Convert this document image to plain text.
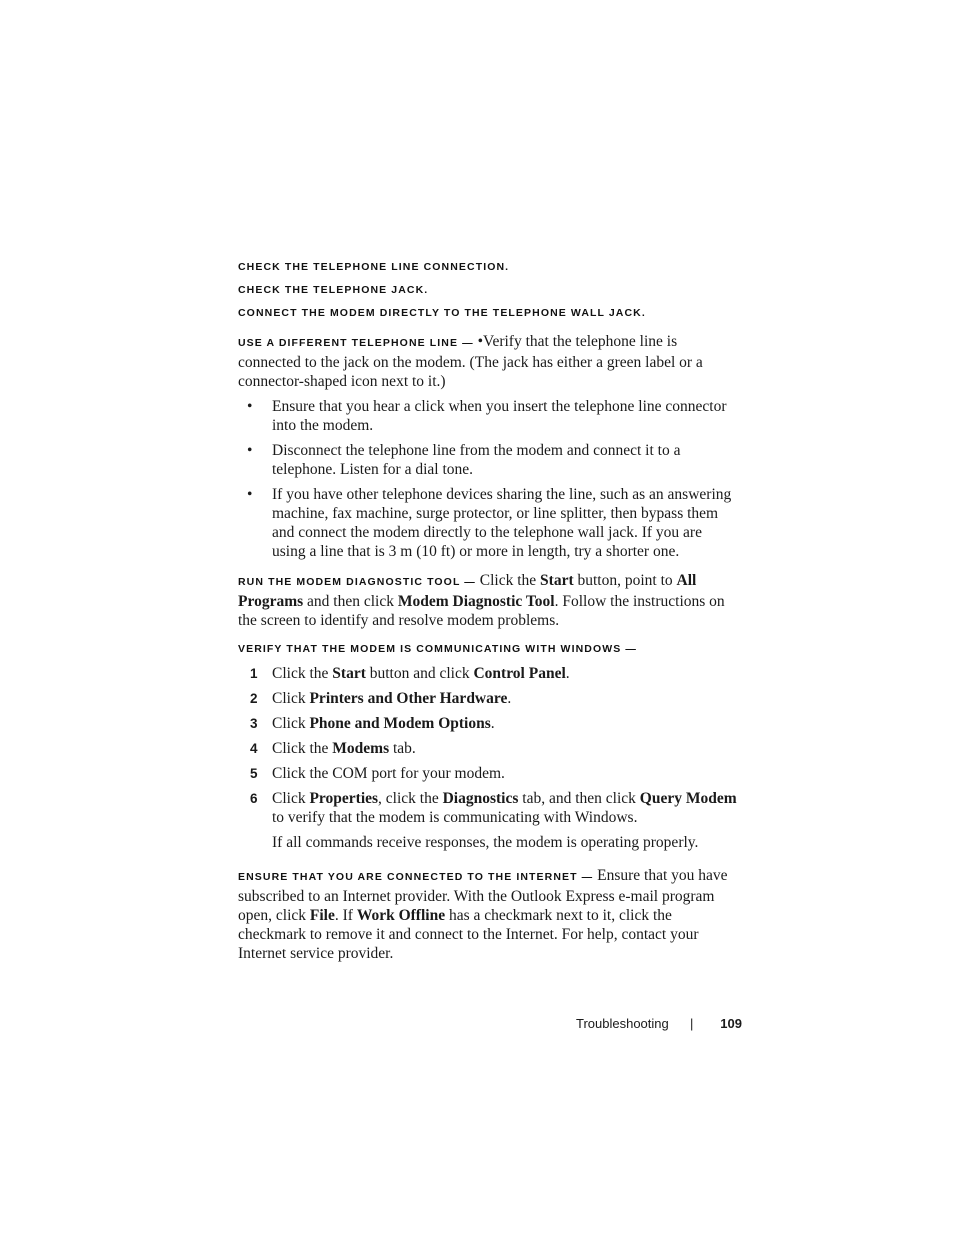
CHECK THE TELEPHONE LINE CONNECTION.
CHECK THE TELEPHONE JACK.
CONNECT THE MODEM DIRECTLY TO THE TELEPHONE WALL JACK.
USE A DIFFERENT TELEPHONE LINE — •Verify that the telephone line is connected to the jack on the modem. (The jack has either a green label or a connector-shaped icon next to it.)
• Ensure that you hear a click when you insert the telephone line connector into the modem.
• Disconnect the telephone line from the modem and connect it to a telephone. Listen for a dial tone.
• If you have other telephone devices sharing the line, such as an answering machine, fax machine, surge protector, or line splitter, then bypass them and connect the modem directly to the telephone wall jack. If you are using a line that is 3 m (10 ft) or more in length, try a shorter one.
RUN THE MODEM DIAGNOSTIC TOOL — Click the Start button, point to All Programs and then click Modem Diagnostic Tool. Follow the instructions on the screen to identify and resolve modem problems.
VERIFY THAT THE MODEM IS COMMUNICATING WITH WINDOWS —
1 Click the Start button and click Control Panel.
2 Click Printers and Other Hardware.
3 Click Phone and Modem Options.
4 Click the Modems tab.
5 Click the COM port for your modem.
6 Click Properties, click the Diagnostics tab, and then click Query Modem to verify that the modem is communicating with Windows.
If all commands receive responses, the modem is operating properly.
ENSURE THAT YOU ARE CONNECTED TO THE INTERNET — Ensure that you have subscribed to an Internet provider. With the Outlook Express e-mail program open, click File. If Work Offline has a checkmark next to it, click the checkmark to remove it and connect to the Internet. For help, contact your Internet service provider.
Troubleshooting | 109
